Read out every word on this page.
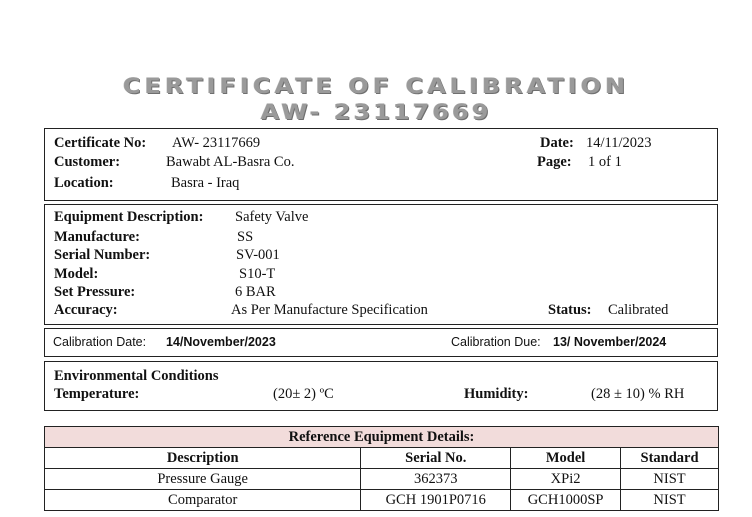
CERTIFICATE OF CALIBRATION
AW- 23117669
Certificate No: AW- 23117669	Date: 14/11/2023
Customer:	Bawabt AL-Basra Co.	Page: 1 of 1
Location:	Basra - Iraq
Equipment Description: Safety Valve
Manufacture:	SS
Serial Number:	SV-001
Model:	S10-T
Set Pressure:	6 BAR
Accuracy:	As Per Manufacture Specification	Status: Calibrated
Calibration Date: 14/November/2023	Calibration Due: 13/ November/2024
Environmental Conditions
Temperature:	(20± 2) ºC	Humidity:	(28 ± 10) % RH
Reference Equipment Details:			
Description	Serial No.	Model	Standard
Pressure Gauge	362373	XPi2	NIST
Comparator	GCH 1901P0716	GCH1000SP	NIST
